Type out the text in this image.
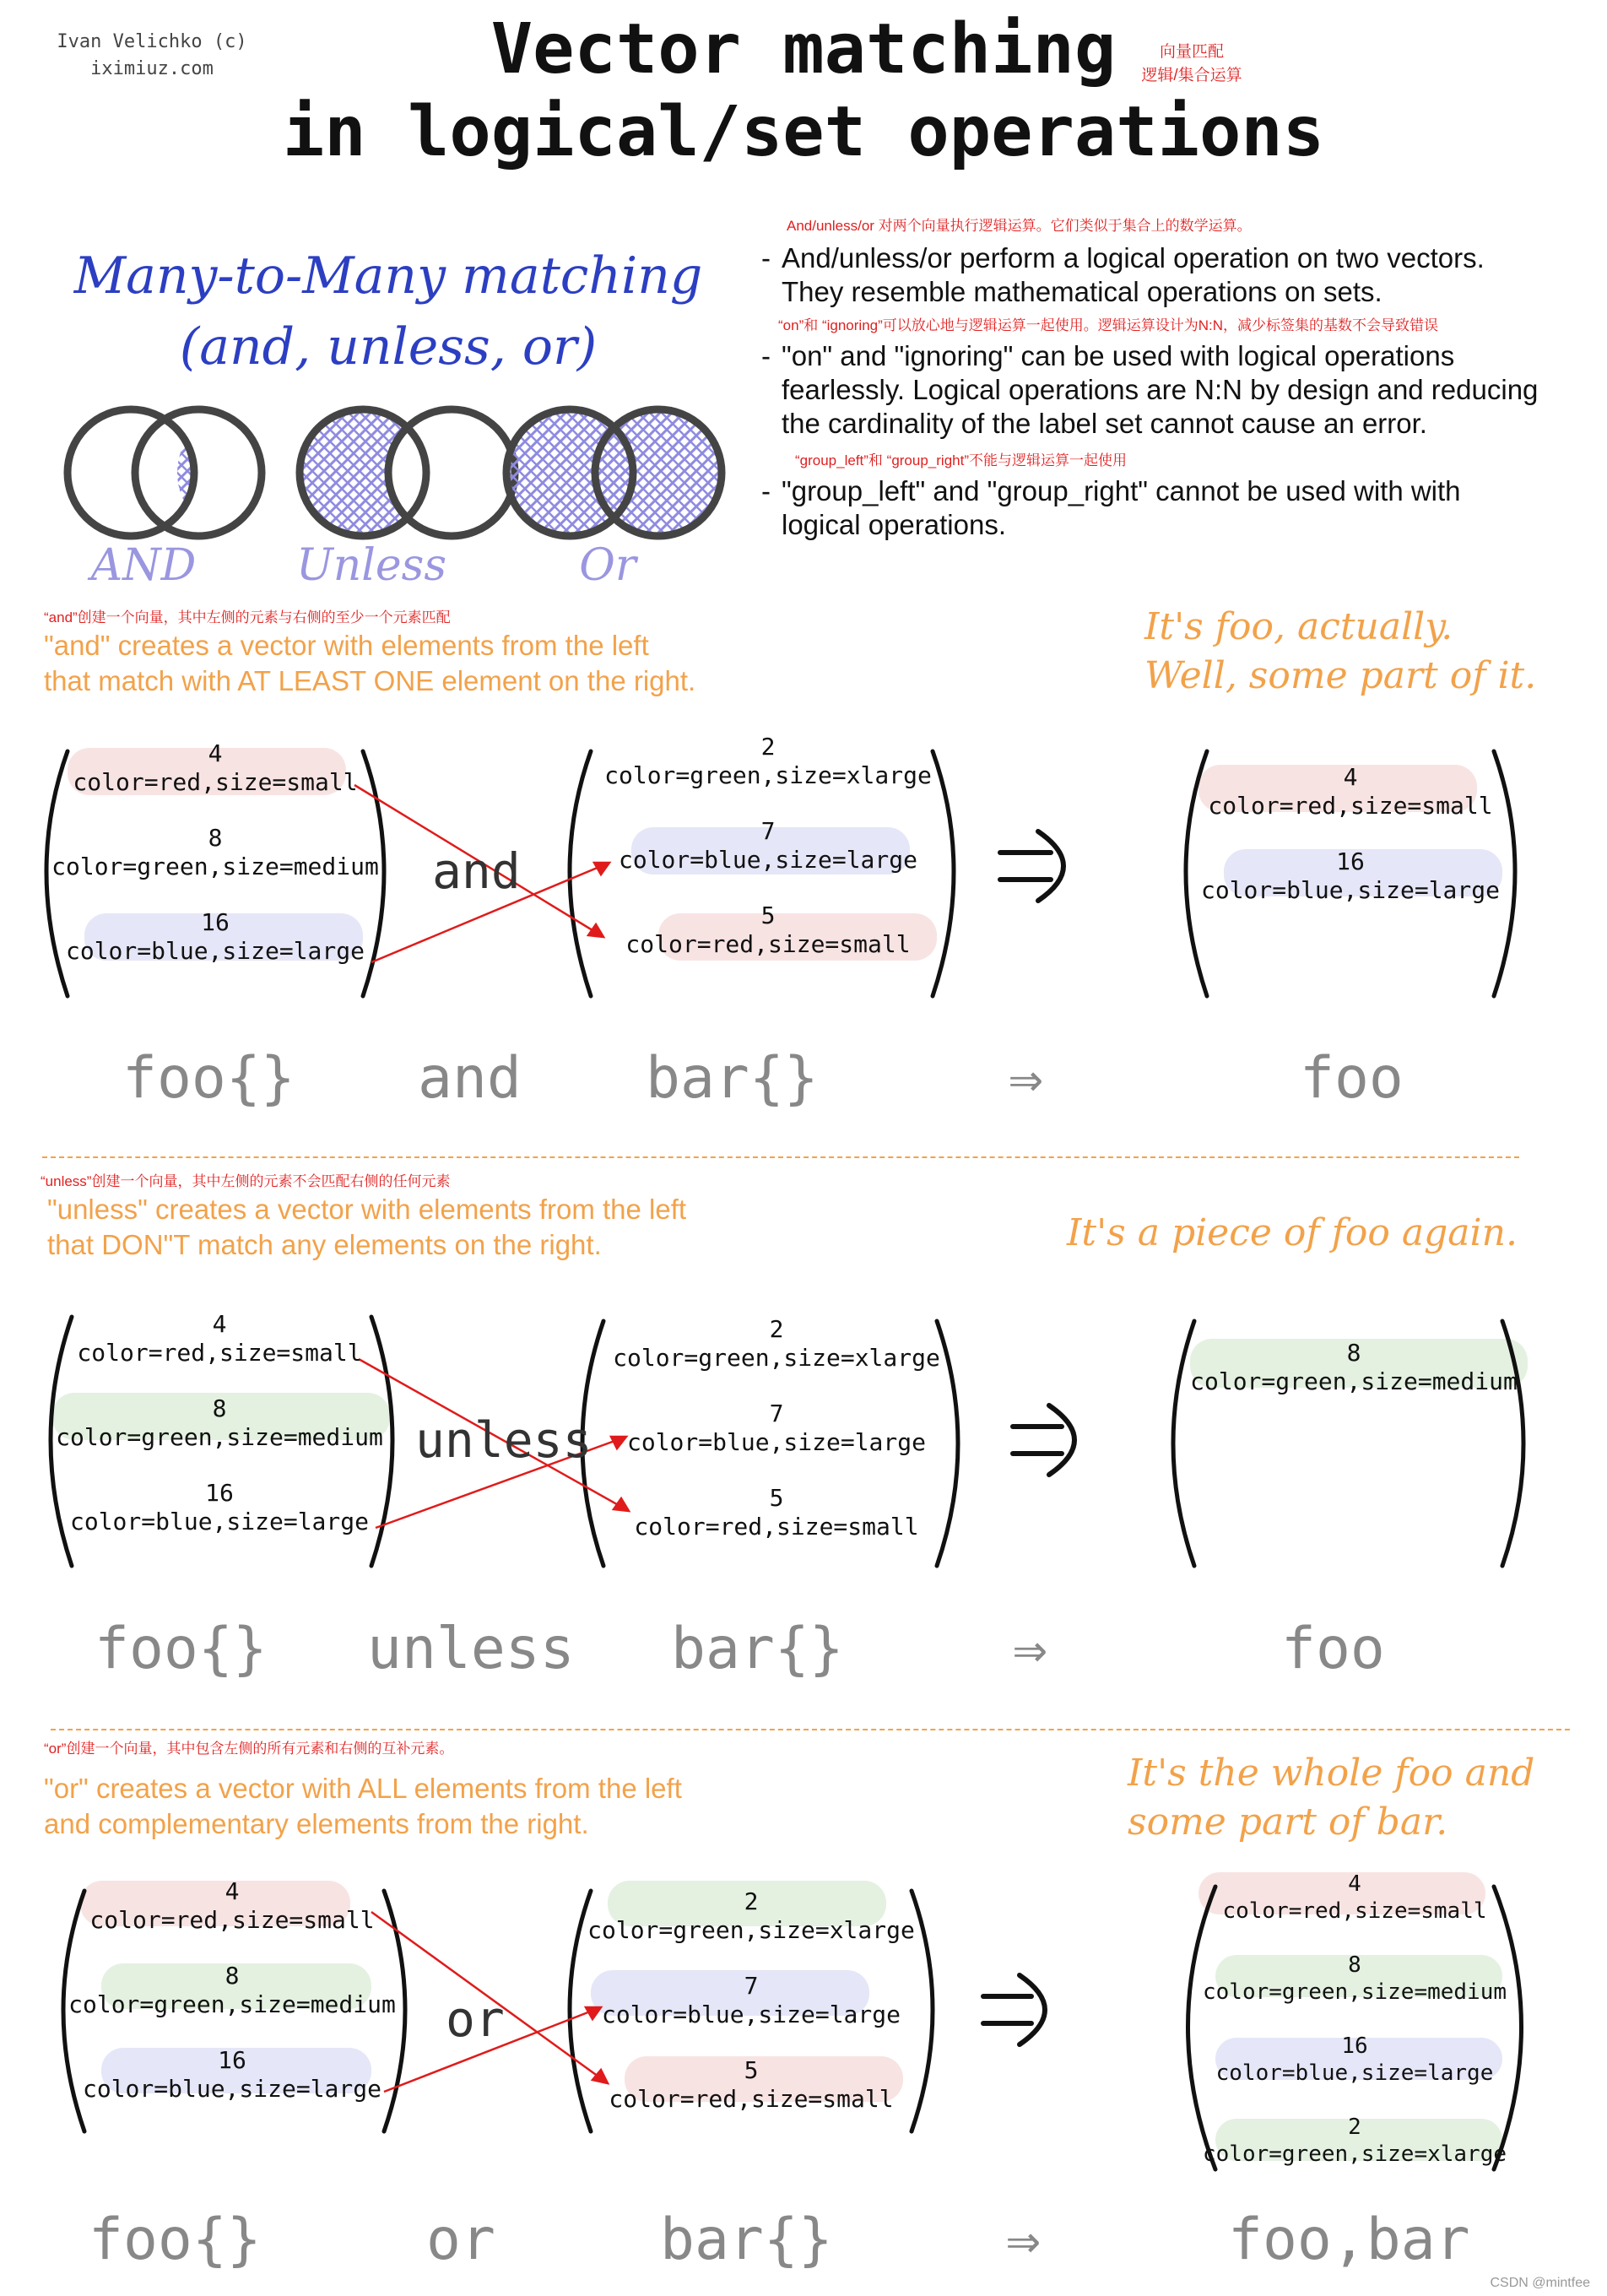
Ivan Velichko (c)
iximiuz.com	Vector matching
in logical/set operations
向量匹配
逻辑/集合运算
Many-to-Many matching
(and, unless, or)
AND	Unless	Or
And/unless/or 对两个向量执行逻辑运算。它们类似于集合上的数学运算。
- And/unless/or perform a logical operation on two vectors.
They resemble mathematical operations on sets.
“on”和 “ignoring”可以放心地与逻辑运算一起使用。逻辑运算设计为N:N，减少标签集的基数不会导致错误
- "on" and "ignoring" can be used with logical operations
fearlessly. Logical operations are N:N by design and reducing
the cardinality of the label set cannot cause an error.
“group_left”和 “group_right”不能与逻辑运算一起使用
- "group_left" and "group_right" cannot be used with with
logical operations.
“and”创建一个向量，其中左侧的元素与右侧的至少一个元素匹配
"and" creates a vector with elements from the left
that match with AT LEAST ONE element on the right.
It's foo, actually.
Well, some part of it.
4
color=red,size=small
8
color=green,size=medium
16
color=blue,size=large
and
2
color=green,size=xlarge
7
color=blue,size=large
5
color=red,size=small
4
color=red,size=small
16
color=blue,size=large
foo{} and bar{}	⇒	foo
“unless”创建一个向量，其中左侧的元素不会匹配右侧的任何元素
"unless" creates a vector with elements from the left
that DON"T match any elements on the right.	It's a piece of foo again.
4
color=red,size=small
8
color=green,size=medium
16
color=blue,size=large
unless
2
color=green,size=xlarge
7
color=blue,size=large
5
color=red,size=small
8
color=green,size=medium
foo{} unless bar{}	⇒	foo
“or”创建一个向量，其中包含左侧的所有元素和右侧的互补元素。
"or" creates a vector with ALL elements from the left
and complementary elements from the right.
It's the whole foo and
some part of bar.
4
color=red,size=small
8
color=green,size=medium
16
color=blue,size=large
or
2
color=green,size=xlarge
7
color=blue,size=large
5
color=red,size=small
4
color=red,size=small
8
color=green,size=medium
16
color=blue,size=large
2
color=green,size=xlarge
foo{}	or	bar{}	⇒	foo,bar
CSDN @mintfee
